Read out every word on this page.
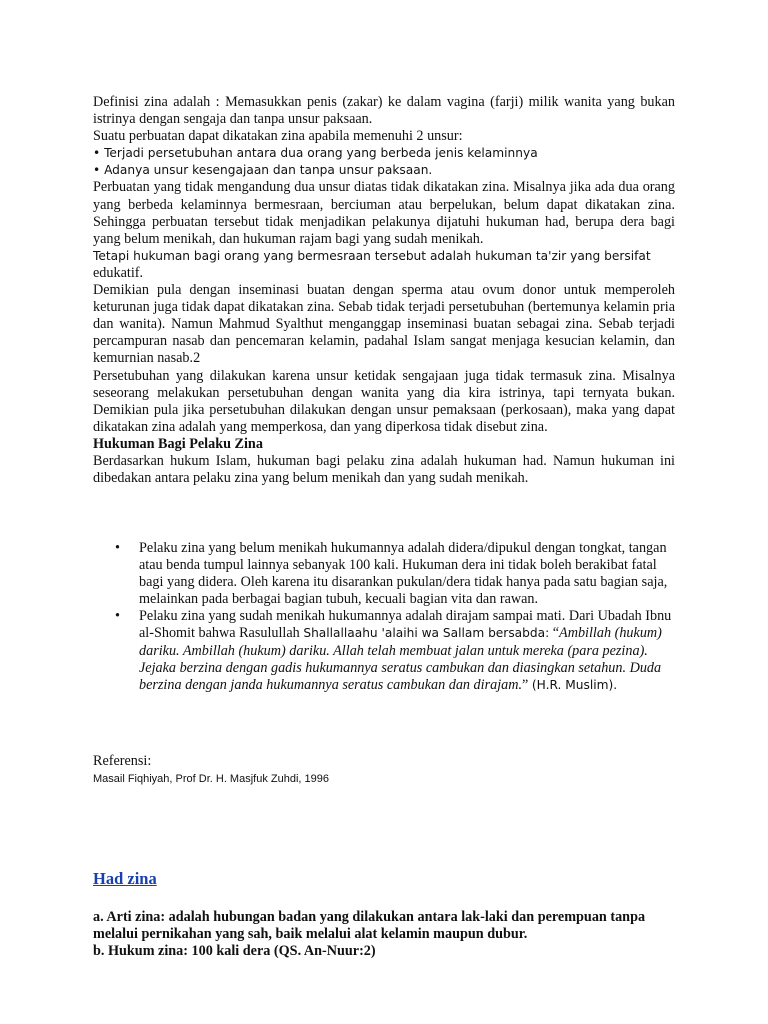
Definisi zina adalah : Memasukkan penis (zakar) ke dalam vagina (farji) milik wanita yang bukan istrinya dengan sengaja dan tanpa unsur paksaan.

Suatu perbuatan dapat dikatakan zina apabila memenuhi 2 unsur:

• Terjadi persetubuhan antara dua orang yang berbeda jenis kelaminnya

• Adanya unsur kesengajaan dan tanpa unsur paksaan.

Perbuatan yang tidak mengandung dua unsur diatas tidak dikatakan zina. Misalnya jika ada dua orang yang berbeda kelaminnya bermesraan, berciuman atau berpelukan, belum dapat dikatakan zina. Sehingga perbuatan tersebut tidak menjadikan pelakunya dijatuhi hukuman had, berupa dera bagi yang belum menikah, dan hukuman rajam bagi yang sudah menikah.

Tetapi hukuman bagi orang yang bermesraan tersebut adalah hukuman ta'zir yang bersifat

edukatif.

Demikian pula dengan inseminasi buatan dengan sperma atau ovum donor untuk memperoleh keturunan juga tidak dapat dikatakan zina. Sebab tidak terjadi persetubuhan (bertemunya kelamin pria dan wanita). Namun Mahmud Syalthut menganggap inseminasi buatan sebagai zina. Sebab terjadi percampuran nasab dan pencemaran kelamin, padahal Islam sangat menjaga kesucian kelamin, dan kemurnian nasab.2

Persetubuhan yang dilakukan karena unsur ketidak sengajaan juga tidak termasuk zina. Misalnya seseorang melakukan persetubuhan dengan wanita yang dia kira istrinya, tapi ternyata bukan. Demikian pula jika persetubuhan dilakukan dengan unsur pemaksaan (perkosaan), maka yang dapat dikatakan zina adalah yang memperkosa, dan yang diperkosa tidak disebut zina.

Hukuman Bagi Pelaku Zina

Berdasarkan hukum Islam, hukuman bagi pelaku zina adalah hukuman had. Namun hukuman ini dibedakan antara pelaku zina yang belum menikah dan yang sudah menikah.

• Pelaku zina yang belum menikah hukumannya adalah didera/dipukul dengan tongkat, tangan atau benda tumpul lainnya sebanyak 100 kali. Hukuman dera ini tidak boleh berakibat fatal bagi yang didera. Oleh karena itu disarankan pukulan/dera tidak hanya pada satu bagian saja, melainkan pada berbagai bagian tubuh, kecuali bagian vita dan rawan.
• Pelaku zina yang sudah menikah hukumannya adalah dirajam sampai mati. Dari Ubadah Ibnu al-Shomit bahwa Rasulullah Shallallaahu 'alaihi wa Sallam bersabda: “Ambillah (hukum) dariku. Ambillah (hukum) dariku. Allah telah membuat jalan untuk mereka (para pezina). Jejaka berzina dengan gadis hukumannya seratus cambukan dan diasingkan setahun. Duda berzina dengan janda hukumannya seratus cambukan dan dirajam.” (H.R. Muslim).

Referensi:

Masail Fiqhiyah, Prof Dr. H. Masjfuk Zuhdi, 1996

Had zina

a. Arti zina: adalah hubungan badan yang dilakukan antara lak-laki dan perempuan tanpa melalui pernikahan yang sah, baik melalui alat kelamin maupun dubur.

b. Hukum zina: 100 kali dera (QS. An-Nuur:2)
